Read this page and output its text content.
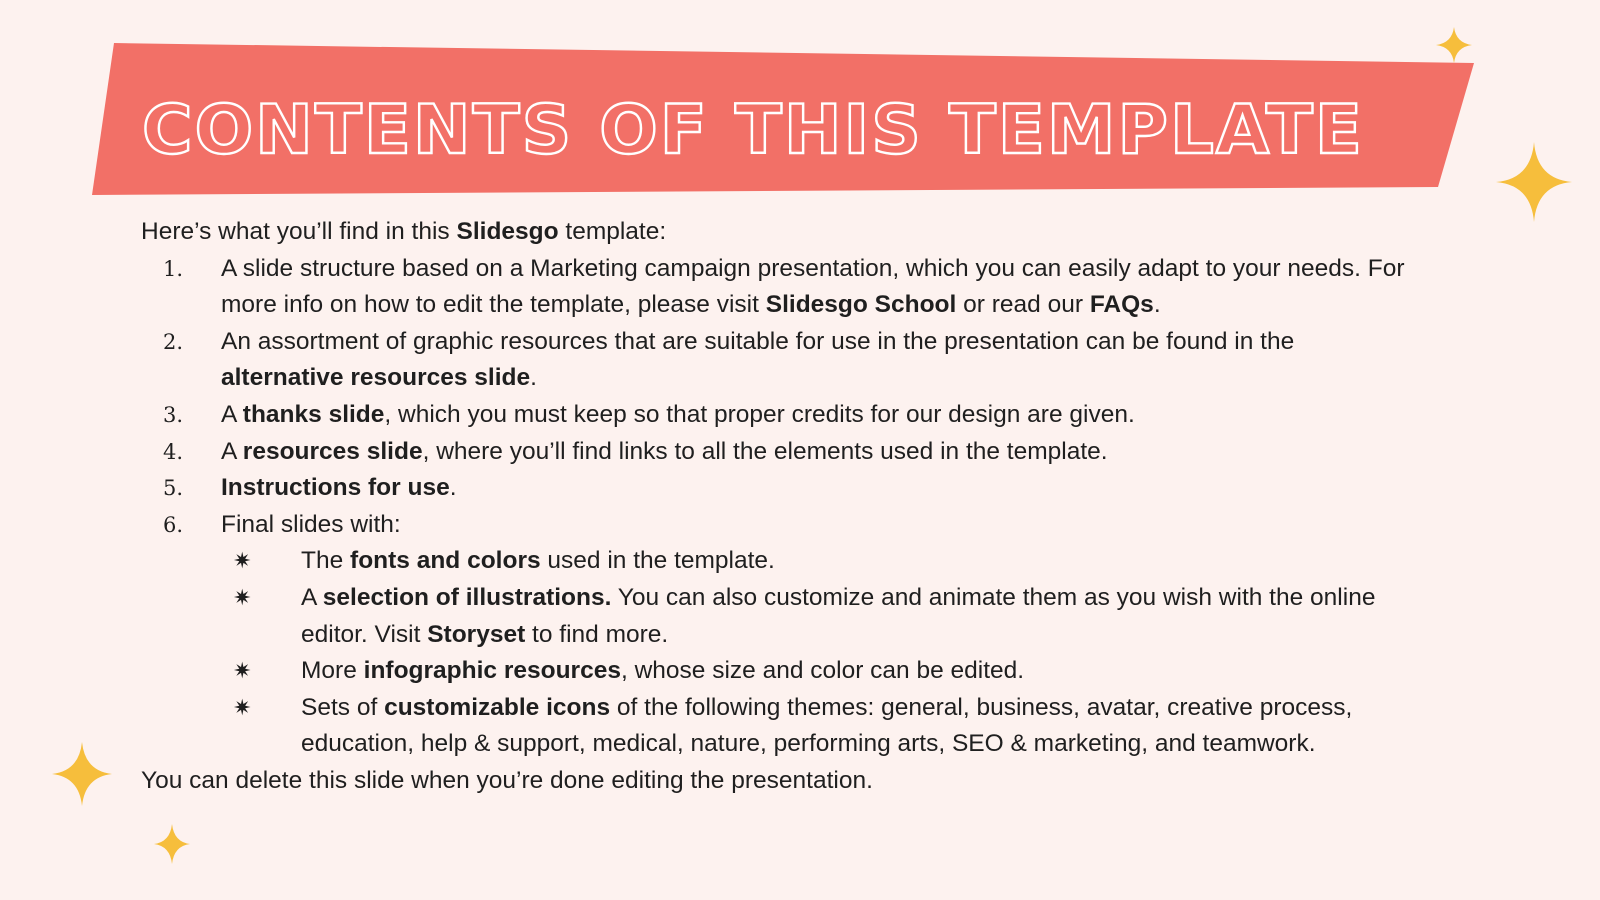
CONTENTS OF THIS TEMPLATE

Here’s what you’ll find in this Slidesgo template:

1. A slide structure based on a Marketing campaign presentation, which you can easily adapt to your needs. For

more info on how to edit the template, please visit Slidesgo School or read our FAQs.

2. An assortment of graphic resources that are suitable for use in the presentation can be found in the

alternative resources slide.

3. A thanks slide, which you must keep so that proper credits for our design are given.

4. A resources slide, where you’ll find links to all the elements used in the template.

5. Instructions for use.

6. Final slides with:

✷ The fonts and colors used in the template.

✷ A selection of illustrations. You can also customize and animate them as you wish with the online

editor. Visit Storyset to find more.

✷ More infographic resources, whose size and color can be edited.

✷ Sets of customizable icons of the following themes: general, business, avatar, creative process,

education, help & support, medical, nature, performing arts, SEO & marketing, and teamwork.

You can delete this slide when you’re done editing the presentation.
